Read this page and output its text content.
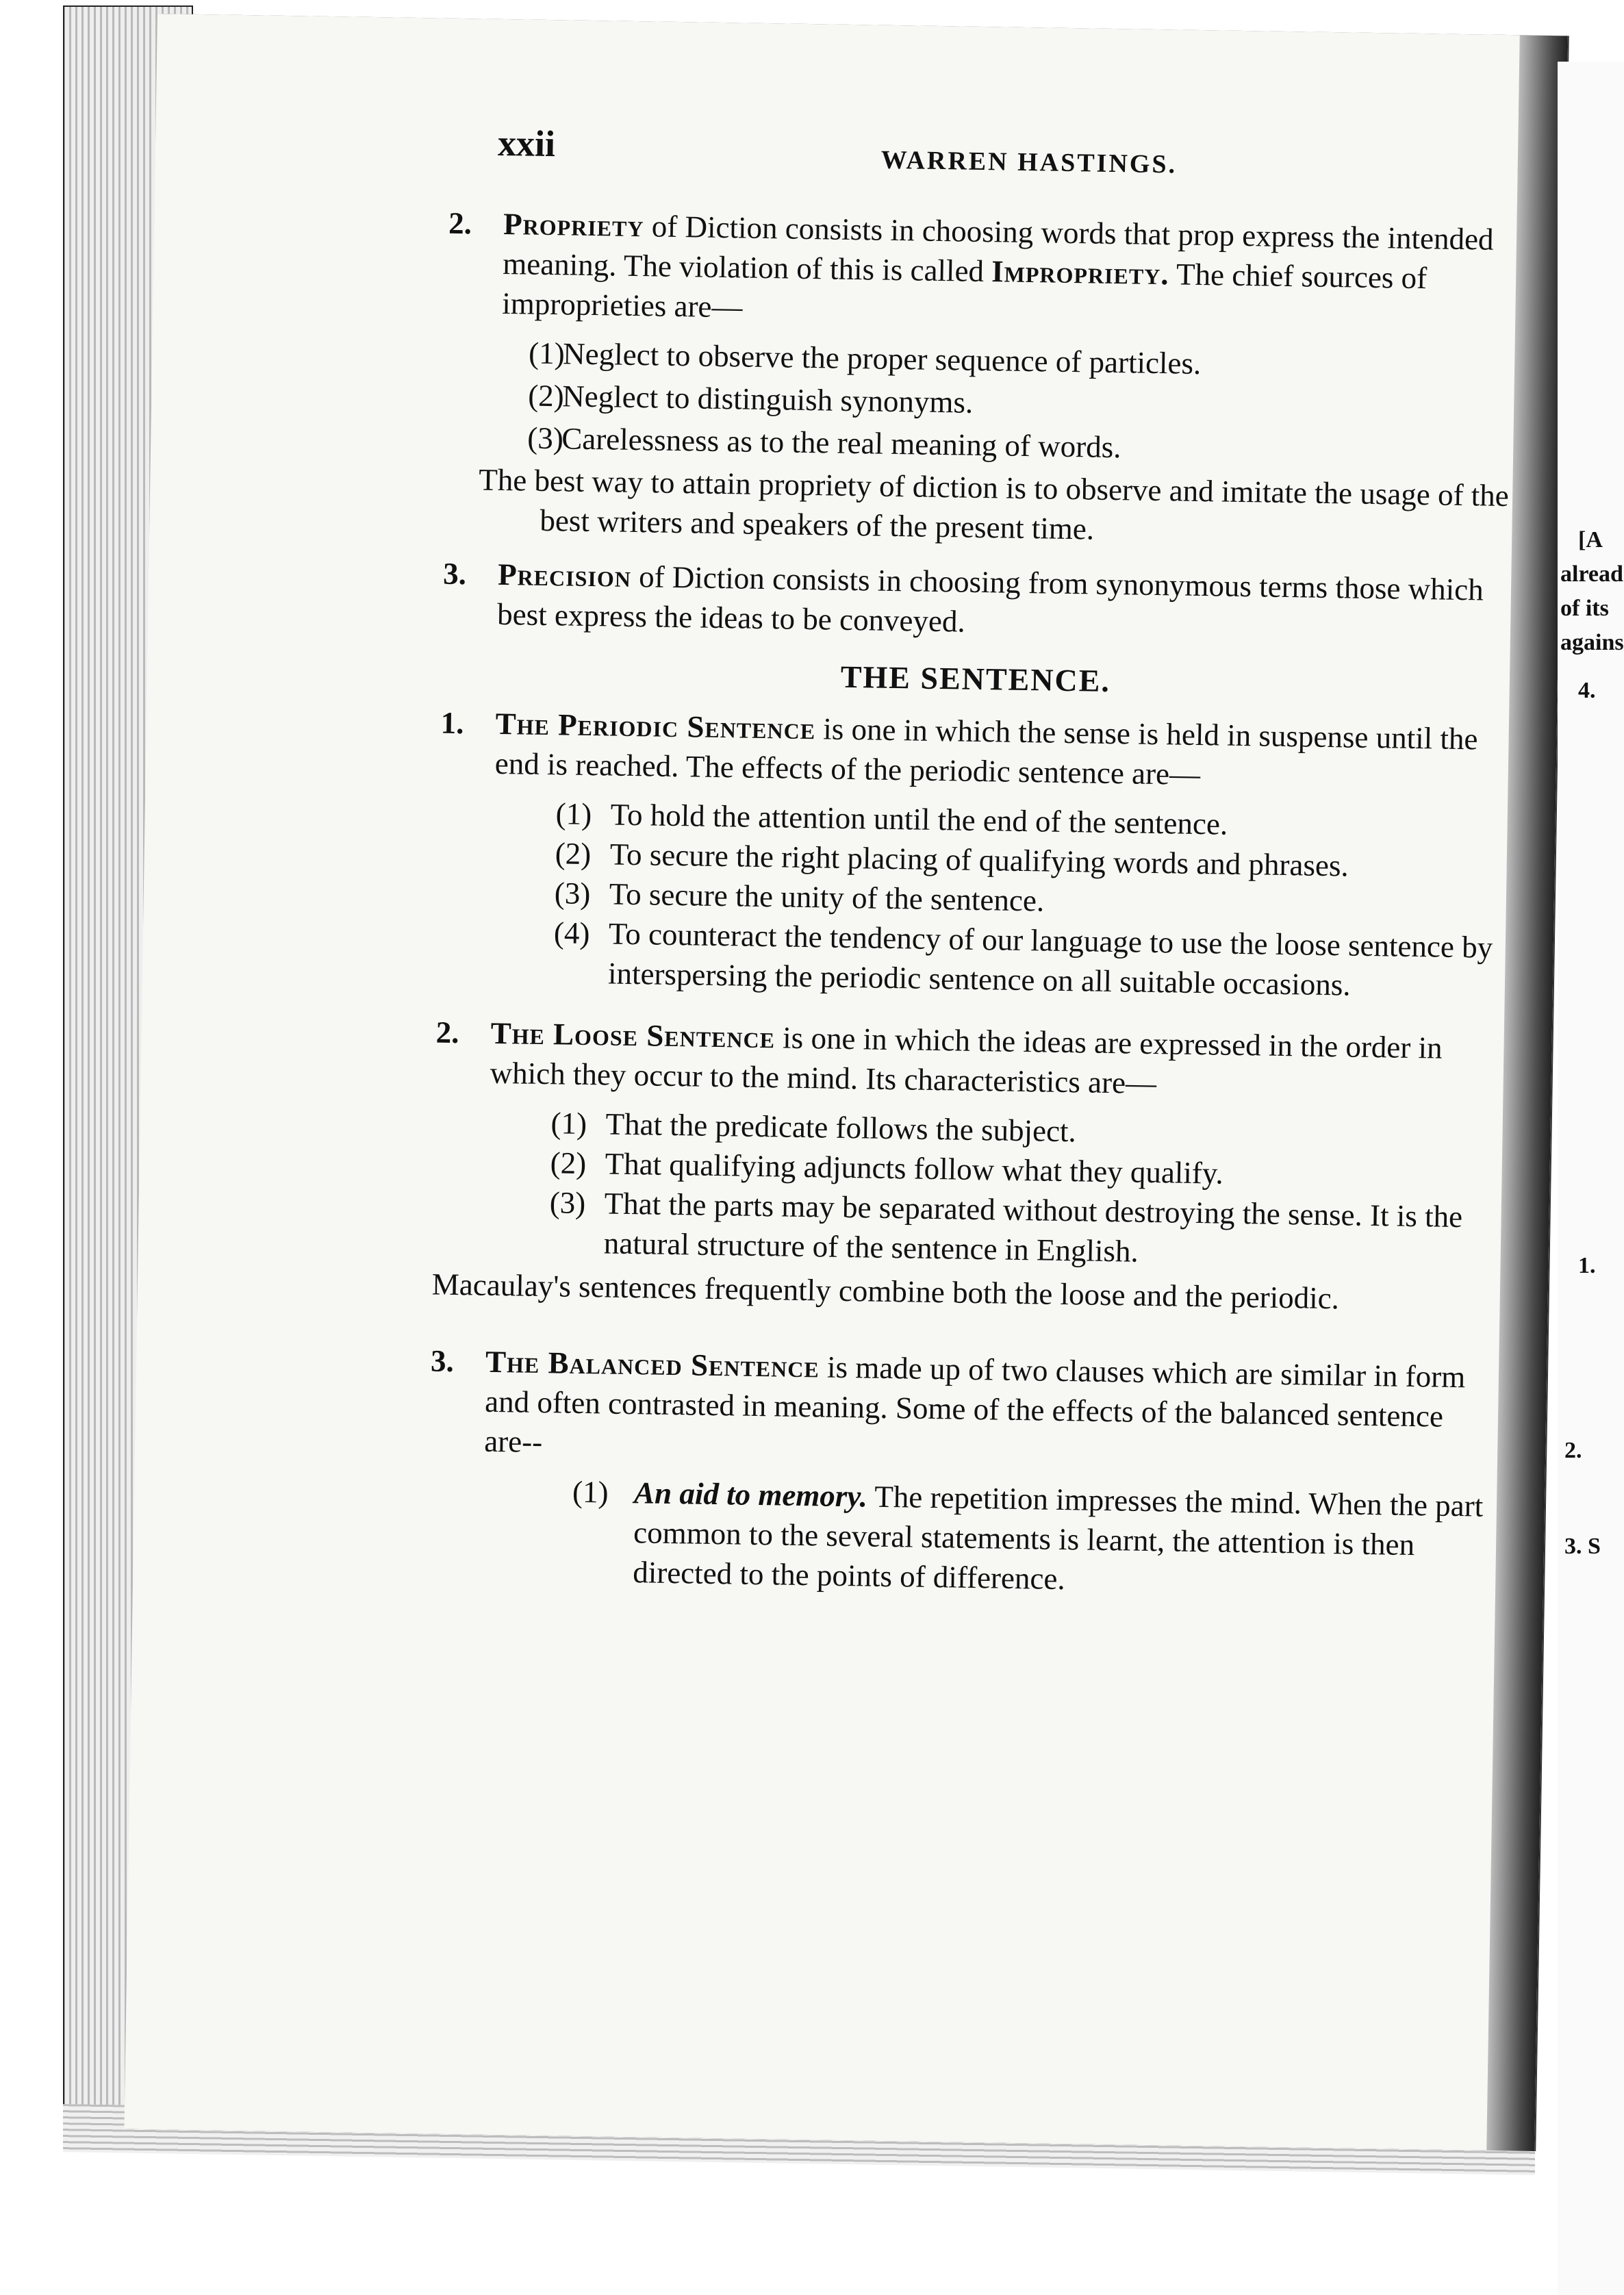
xxii	WARREN HASTINGS.
2. Propriety of Diction consists in choosing words that prop express the intended meaning. The violation of this is called Impropriety. The chief sources of improprieties are—
(1)
Neglect to observe the proper sequence of particles.
(2)
Neglect to distinguish synonyms.
(3)
Carelessness as to the real meaning of words.
The best way to attain propriety of diction is to observe and imitate the usage of the best writers and speakers of the present time.
3. Precision of Diction consists in choosing from synonymous terms those which best express the ideas to be conveyed.
THE SENTENCE.
1. The Periodic Sentence is one in which the sense is held in suspense until the end is reached. The effects of the periodic sentence are—
(1) To hold the attention until the end of the sentence.
(2) To secure the right placing of qualifying words and phrases.
(3) To secure the unity of the sentence.
(4) To counteract the tendency of our language to use the loose sentence by interspersing the periodic sentence on all suitable occasions.
2. The Loose Sentence is one in which the ideas are expressed in the order in which they occur to the mind. Its characteristics are—
(1) That the predicate follows the subject.
(2) That qualifying adjuncts follow what they qualify.
(3) That the parts may be separated without destroying the sense. It is the natural structure of the sentence in English.
Macaulay's sentences frequently combine both the loose and the periodic.
3. The Balanced Sentence is made up of two clauses which are similar in form and often contrasted in meaning. Some of the effects of the balanced sentence are--
(1) An aid to memory. The repetition impresses the mind. When the part common to the several statements is learnt, the attention is then directed to the points of difference.
[A
alread
of its
agains
4.
1.
2.
3. S
